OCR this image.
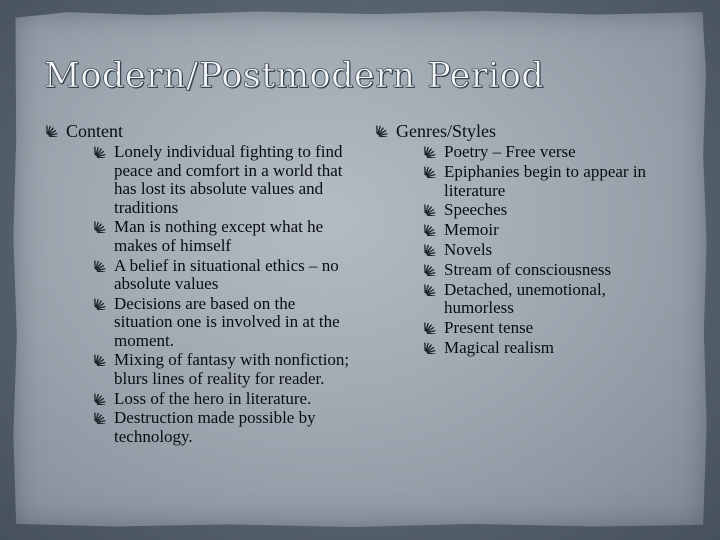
Modern/Postmodern Period
Content
Lonely individual fighting to find peace and comfort in a world that has lost its absolute values and traditions
Man is nothing except what he makes of himself
A belief in situational ethics – no absolute values
Decisions are based on the situation one is involved in at the moment.
Mixing of fantasy with nonfiction; blurs lines of reality for reader.
Loss of the hero in literature.
Destruction made possible by technology.
Genres/Styles
Poetry – Free verse
Epiphanies begin to appear in literature
Speeches
Memoir
Novels
Stream of consciousness
Detached, unemotional, humorless
Present tense
Magical realism
